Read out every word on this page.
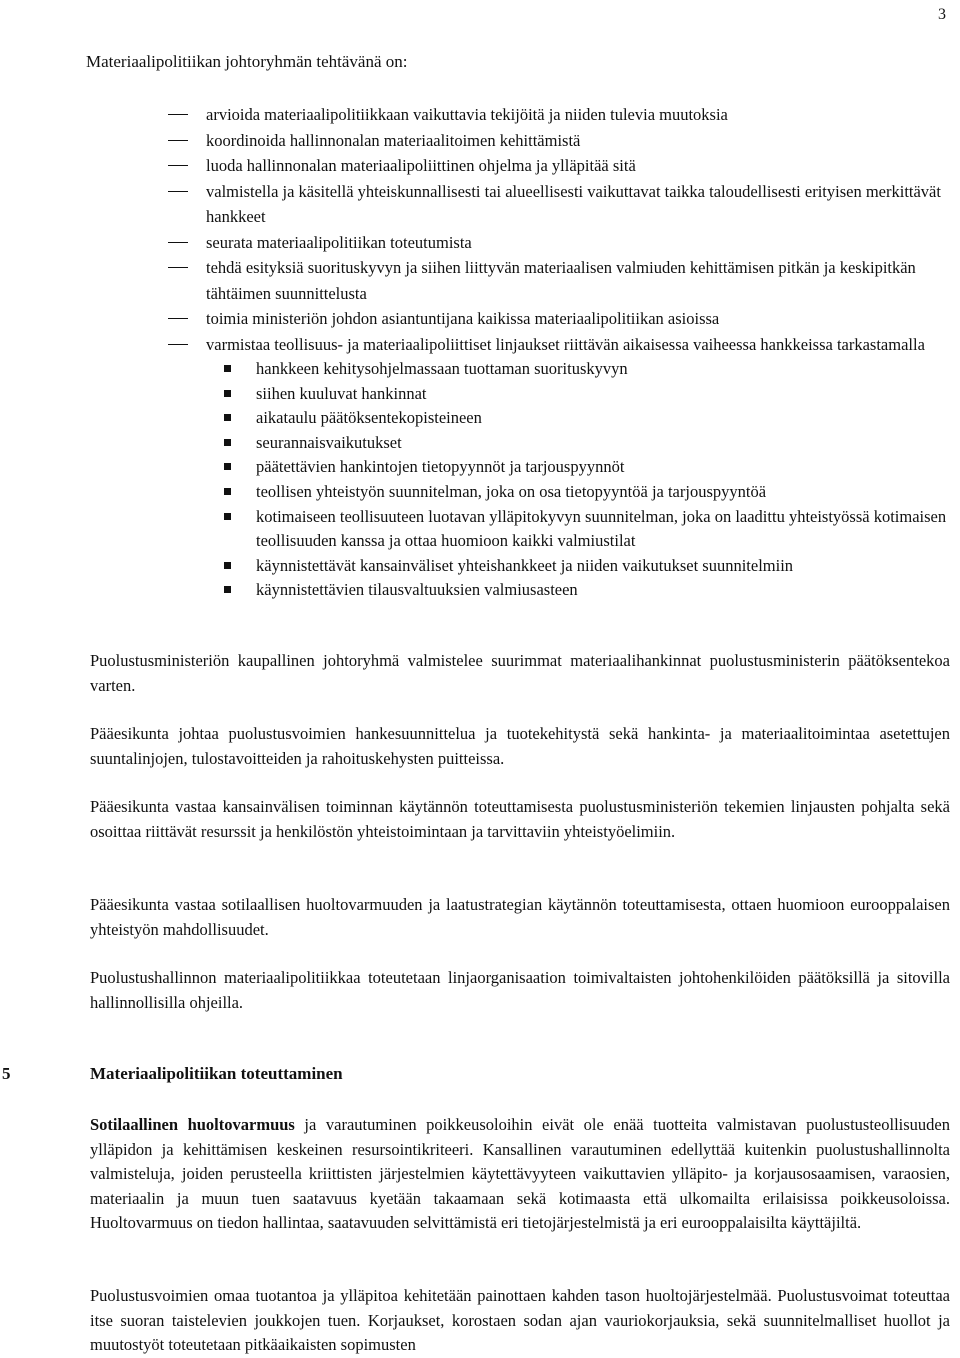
3
Materiaalipolitiikan johtoryhmän tehtävänä on:
arvioida materiaalipolitiikkaan vaikuttavia tekijöitä ja niiden tulevia muutoksia
koordinoida hallinnonalan materiaalitoimen kehittämistä
luoda hallinnonalan materiaalipoliittinen ohjelma ja ylläpitää sitä
valmistella ja käsitellä yhteiskunnallisesti tai alueellisesti vaikuttavat taikka taloudellisesti erityisen merkittävät hankkeet
seurata materiaalipolitiikan toteutumista
tehdä esityksiä suorituskyvyn ja siihen liittyvän materiaalisen valmiuden kehittämisen pitkän ja keskipitkän tähtäimen suunnittelusta
toimia ministeriön johdon asiantuntijana kaikissa materiaalipolitiikan asioissa
varmistaa teollisuus- ja materiaalipoliittiset linjaukset riittävän aikaisessa vaiheessa hankkeissa tarkastamalla
hankkeen kehitysohjelmassaan tuottaman suorituskyvyn
siihen kuuluvat hankinnat
aikataulu päätöksentekopisteineen
seurannaisvaikutukset
päätettävien hankintojen tietopyynnöt ja tarjouspyynnöt
teollisen yhteistyön suunnitelman, joka on osa tietopyyntöä ja tarjouspyyntöä
kotimaiseen teollisuuteen luotavan ylläpitokyvyn suunnitelman, joka on laadittu yhteistyössä kotimaisen teollisuuden kanssa ja ottaa huomioon kaikki valmiustilat
käynnistettävät kansainväliset yhteishankkeet ja niiden vaikutukset suunnitelmiin
käynnistettävien tilausvaltuuksien valmiusasteen

Puolustusministeriön kaupallinen johtoryhmä valmistelee suurimmat materiaalihankinnat puolustusministerin päätöksentekoa varten.

Pääesikunta johtaa puolustusvoimien hankesuunnittelua ja tuotekehitystä sekä hankinta- ja materiaalitoimintaa asetettujen suuntalinjojen, tulostavoitteiden ja rahoituskehysten puitteissa.

Pääesikunta vastaa kansainvälisen toiminnan käytännön toteuttamisesta puolustusministeriön tekemien linjausten pohjalta sekä osoittaa riittävät resurssit ja henkilöstön yhteistoimintaan ja tarvittaviin yhteistyöelimiin.

Pääesikunta vastaa sotilaallisen huoltovarmuuden ja laatustrategian käytännön toteuttamisesta, ottaen huomioon eurooppalaisen yhteistyön mahdollisuudet.

Puolustushallinnon materiaalipolitiikkaa toteutetaan linjaorganisaation toimivaltaisten johtohenkilöiden päätöksillä ja sitovilla hallinnollisilla ohjeilla.

5	Materiaalipolitiikan toteuttaminen

Sotilaallinen huoltovarmuus ja varautuminen poikkeusoloihin eivät ole enää tuotteita valmistavan puolustusteollisuuden ylläpidon ja kehittämisen keskeinen resursointikriteeri. Kansallinen varautuminen edellyttää kuitenkin puolustushallinnolta valmisteluja, joiden perusteella kriittisten järjestelmien käytettävyyteen vaikuttavien ylläpito- ja korjausosaamisen, varaosien, materiaalin ja muun tuen saatavuus kyetään takaamaan sekä kotimaasta että ulkomailta erilaisissa poikkeusoloissa. Huoltovarmuus on tiedon hallintaa, saatavuuden selvittämistä eri tietojärjestelmistä ja eri eurooppalaisilta käyttäjiltä.

Puolustusvoimien omaa tuotantoa ja ylläpitoa kehitetään painottaen kahden tason huoltojärjestelmää. Puolustusvoimat toteuttaa itse suoran taistelevien joukkojen tuen. Korjaukset, korostaen sodan ajan vauriokorjauksia, sekä suunnitelmalliset huollot ja muutostyöt toteutetaan pitkäaikaisten sopimusten
